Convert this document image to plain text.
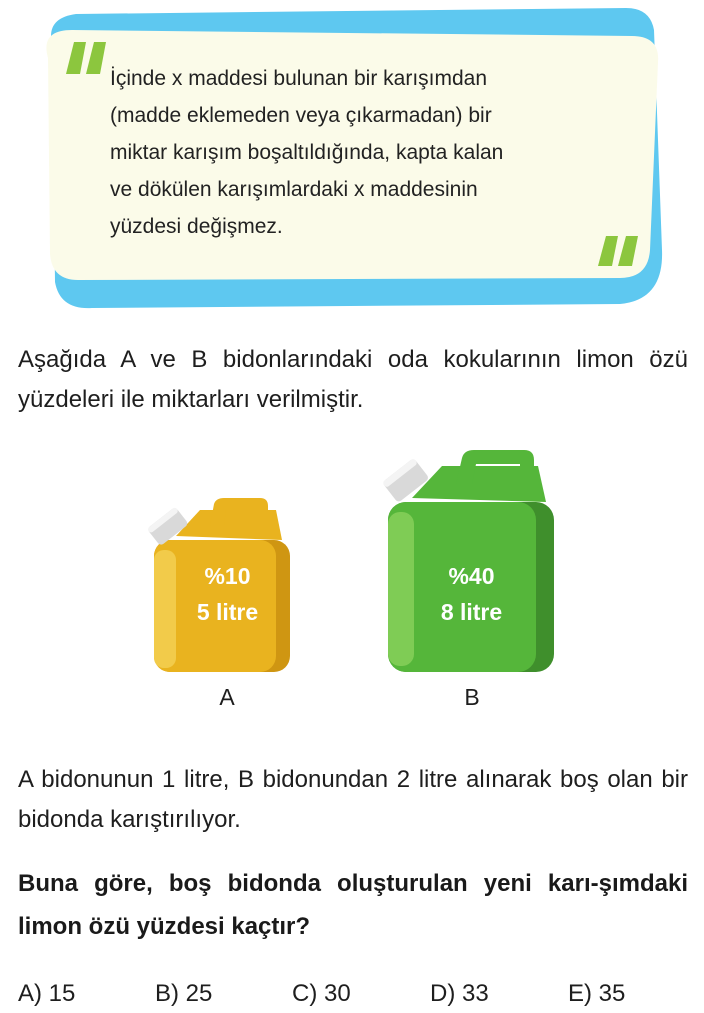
İçinde x maddesi bulunan bir karışımdan
(madde eklemeden veya çıkarmadan) bir
miktar karışım boşaltıldığında, kapta kalan
ve dökülen karışımlardaki x maddesinin
yüzdesi değişmez.
Aşağıda A ve B bidonlarındaki oda kokularının limon özü yüzdeleri ile miktarları verilmiştir.
%10
5 litre
A
%40
8 litre
B
A bidonunun 1 litre, B bidonundan 2 litre alınarak boş olan bir bidonda karıştırılıyor.
Buna göre, boş bidonda oluşturulan yeni karı-şımdaki limon özü yüzdesi kaçtır?
A) 15	B) 25	C) 30	D) 33	E) 35
